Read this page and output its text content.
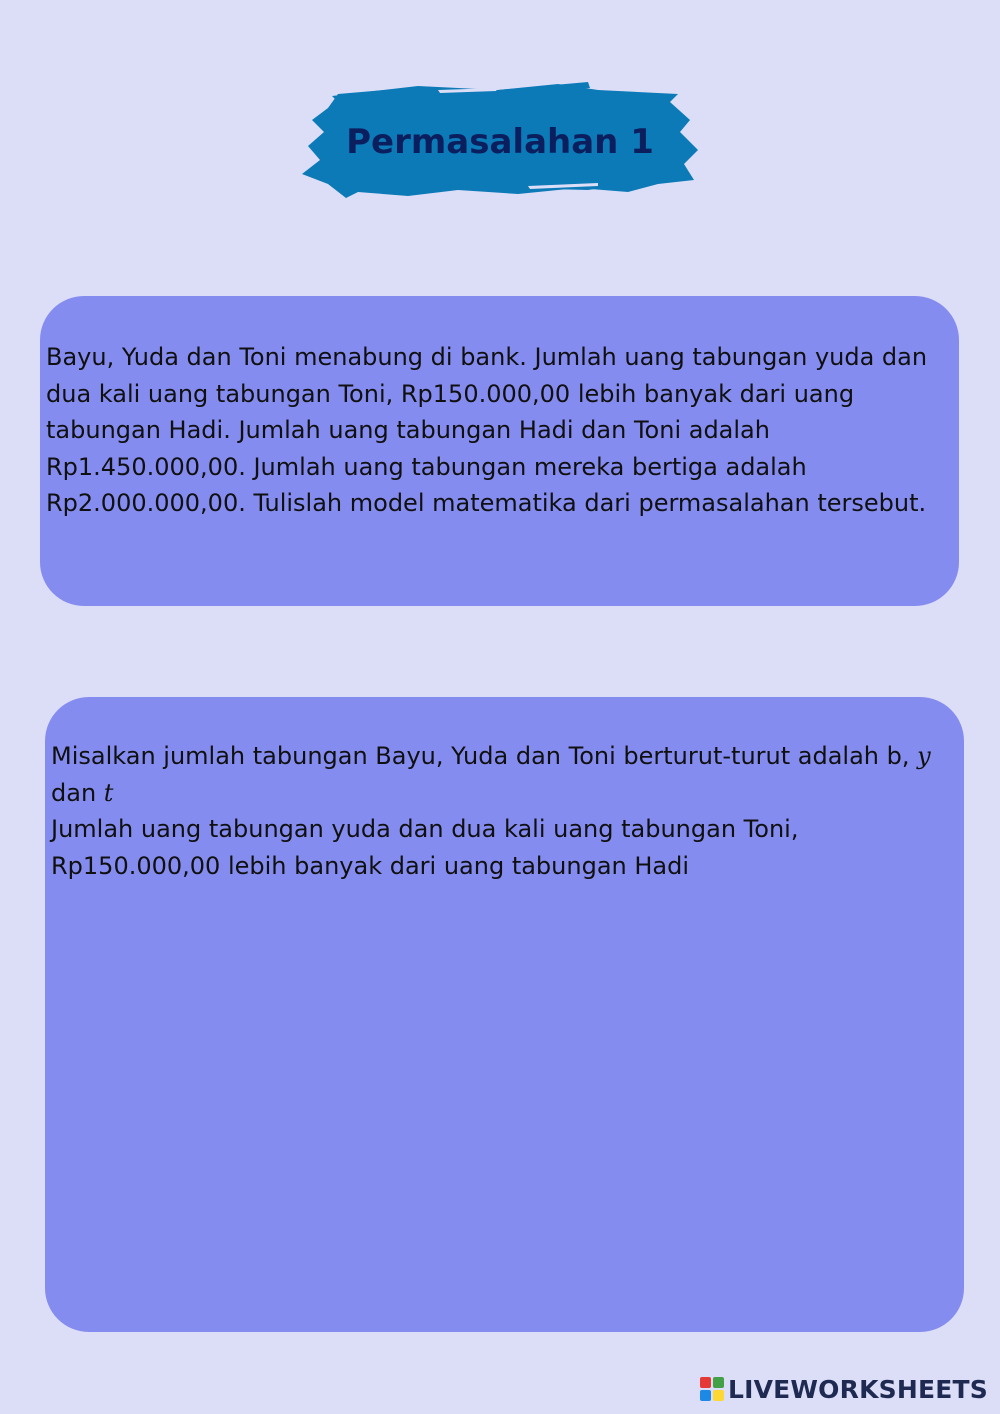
Permasalahan 1

Bayu, Yuda dan Toni menabung di bank. Jumlah uang tabungan yuda dan dua kali uang tabungan Toni, Rp150.000,00 lebih banyak dari uang tabungan Hadi. Jumlah uang tabungan Hadi dan Toni adalah Rp1.450.000,00. Jumlah uang tabungan mereka bertiga adalah Rp2.000.000,00. Tulislah model matematika dari permasalahan tersebut.

Misalkan jumlah tabungan Bayu, Yuda dan Toni berturut-turut adalah b, y dan t
Jumlah uang tabungan yuda dan dua kali uang tabungan Toni, Rp150.000,00 lebih banyak dari uang tabungan Hadi

LIVEWORKSHEETS
